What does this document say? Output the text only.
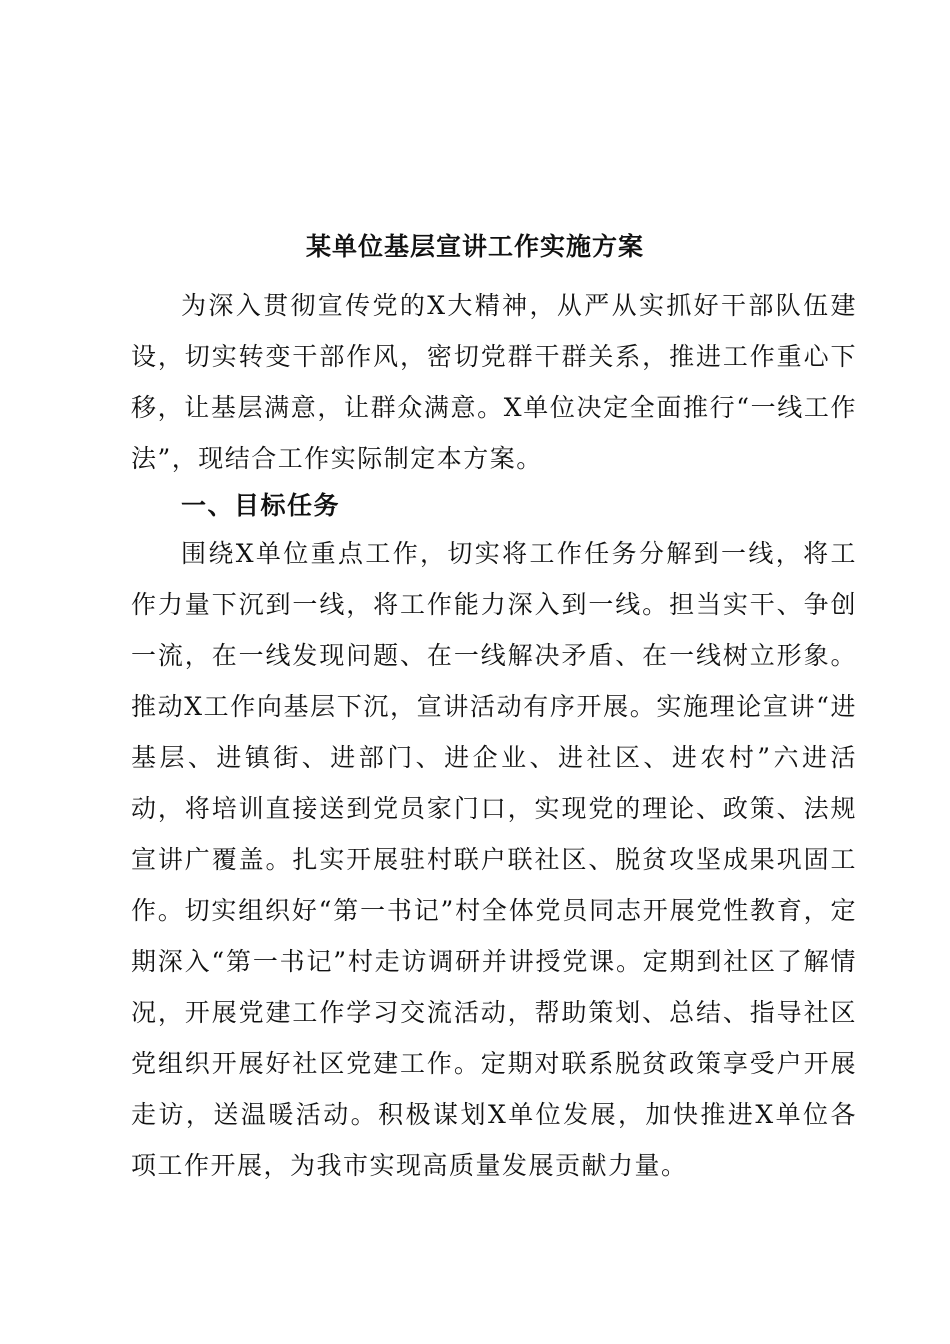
某单位基层宣讲工作实施方案

为深入贯彻宣传党的X大精神，从严从实抓好干部队伍建设，切实转变干部作风，密切党群干群关系，推进工作重心下移，让基层满意，让群众满意。X单位决定全面推行“一线工作法”，现结合工作实际制定本方案。

一、目标任务

围绕X单位重点工作，切实将工作任务分解到一线，将工作力量下沉到一线，将工作能力深入到一线。担当实干、争创一流，在一线发现问题、在一线解决矛盾、在一线树立形象。推动X工作向基层下沉，宣讲活动有序开展。实施理论宣讲“进基层、进镇街、进部门、进企业、进社区、进农村”六进活动，将培训直接送到党员家门口，实现党的理论、政策、法规宣讲广覆盖。扎实开展驻村联户联社区、脱贫攻坚成果巩固工作。切实组织好“第一书记”村全体党员同志开展党性教育，定期深入“第一书记”村走访调研并讲授党课。定期到社区了解情况，开展党建工作学习交流活动，帮助策划、总结、指导社区党组织开展好社区党建工作。定期对联系脱贫政策享受户开展走访，送温暖活动。积极谋划X单位发展，加快推进X单位各项工作开展，为我市实现高质量发展贡献力量。
